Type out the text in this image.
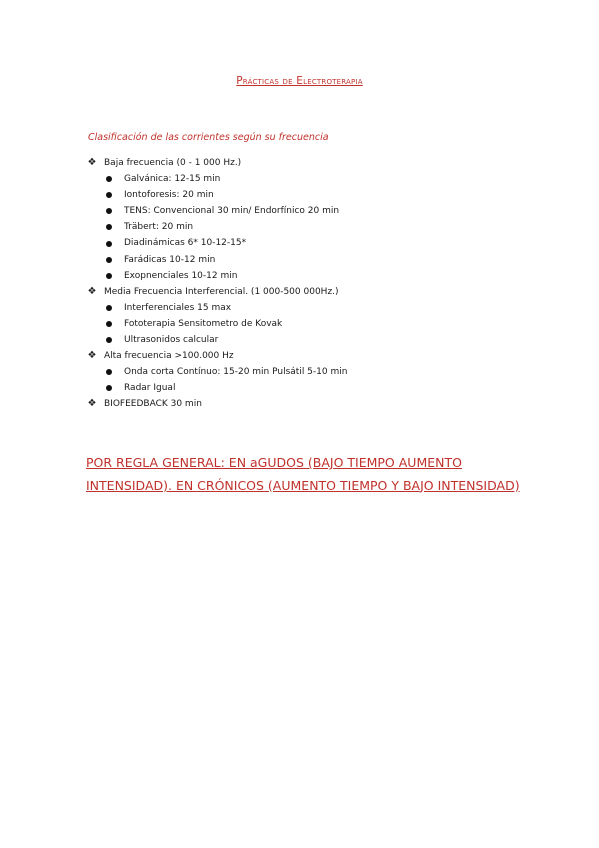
Prácticas de Electroterapia
Clasificación de las corrientes según su frecuencia
❖ Baja frecuencia (0 - 1 000 Hz.)
Galvánica: 12-15 min
Iontoforesis: 20 min
TENS: Convencional 30 min/ Endorfínico 20 min
Träbert: 20 min
Diadinámicas 6* 10-12-15*
Farádicas 10-12 min
Exopnenciales 10-12 min
❖ Media Frecuencia Interferencial. (1 000-500 000Hz.)
Interferenciales 15 max
Fototerapia Sensitometro de Kovak
Ultrasonidos calcular
❖ Alta frecuencia >100.000 Hz
Onda corta Contínuo: 15-20 min Pulsátil 5-10 min
Radar Igual
❖ BIOFEEDBACK 30 min
POR REGLA GENERAL: EN aGUDOS (BAJO TIEMPO AUMENTO
INTENSIDAD). EN CRÓNICOS (AUMENTO TIEMPO Y BAJO INTENSIDAD)
